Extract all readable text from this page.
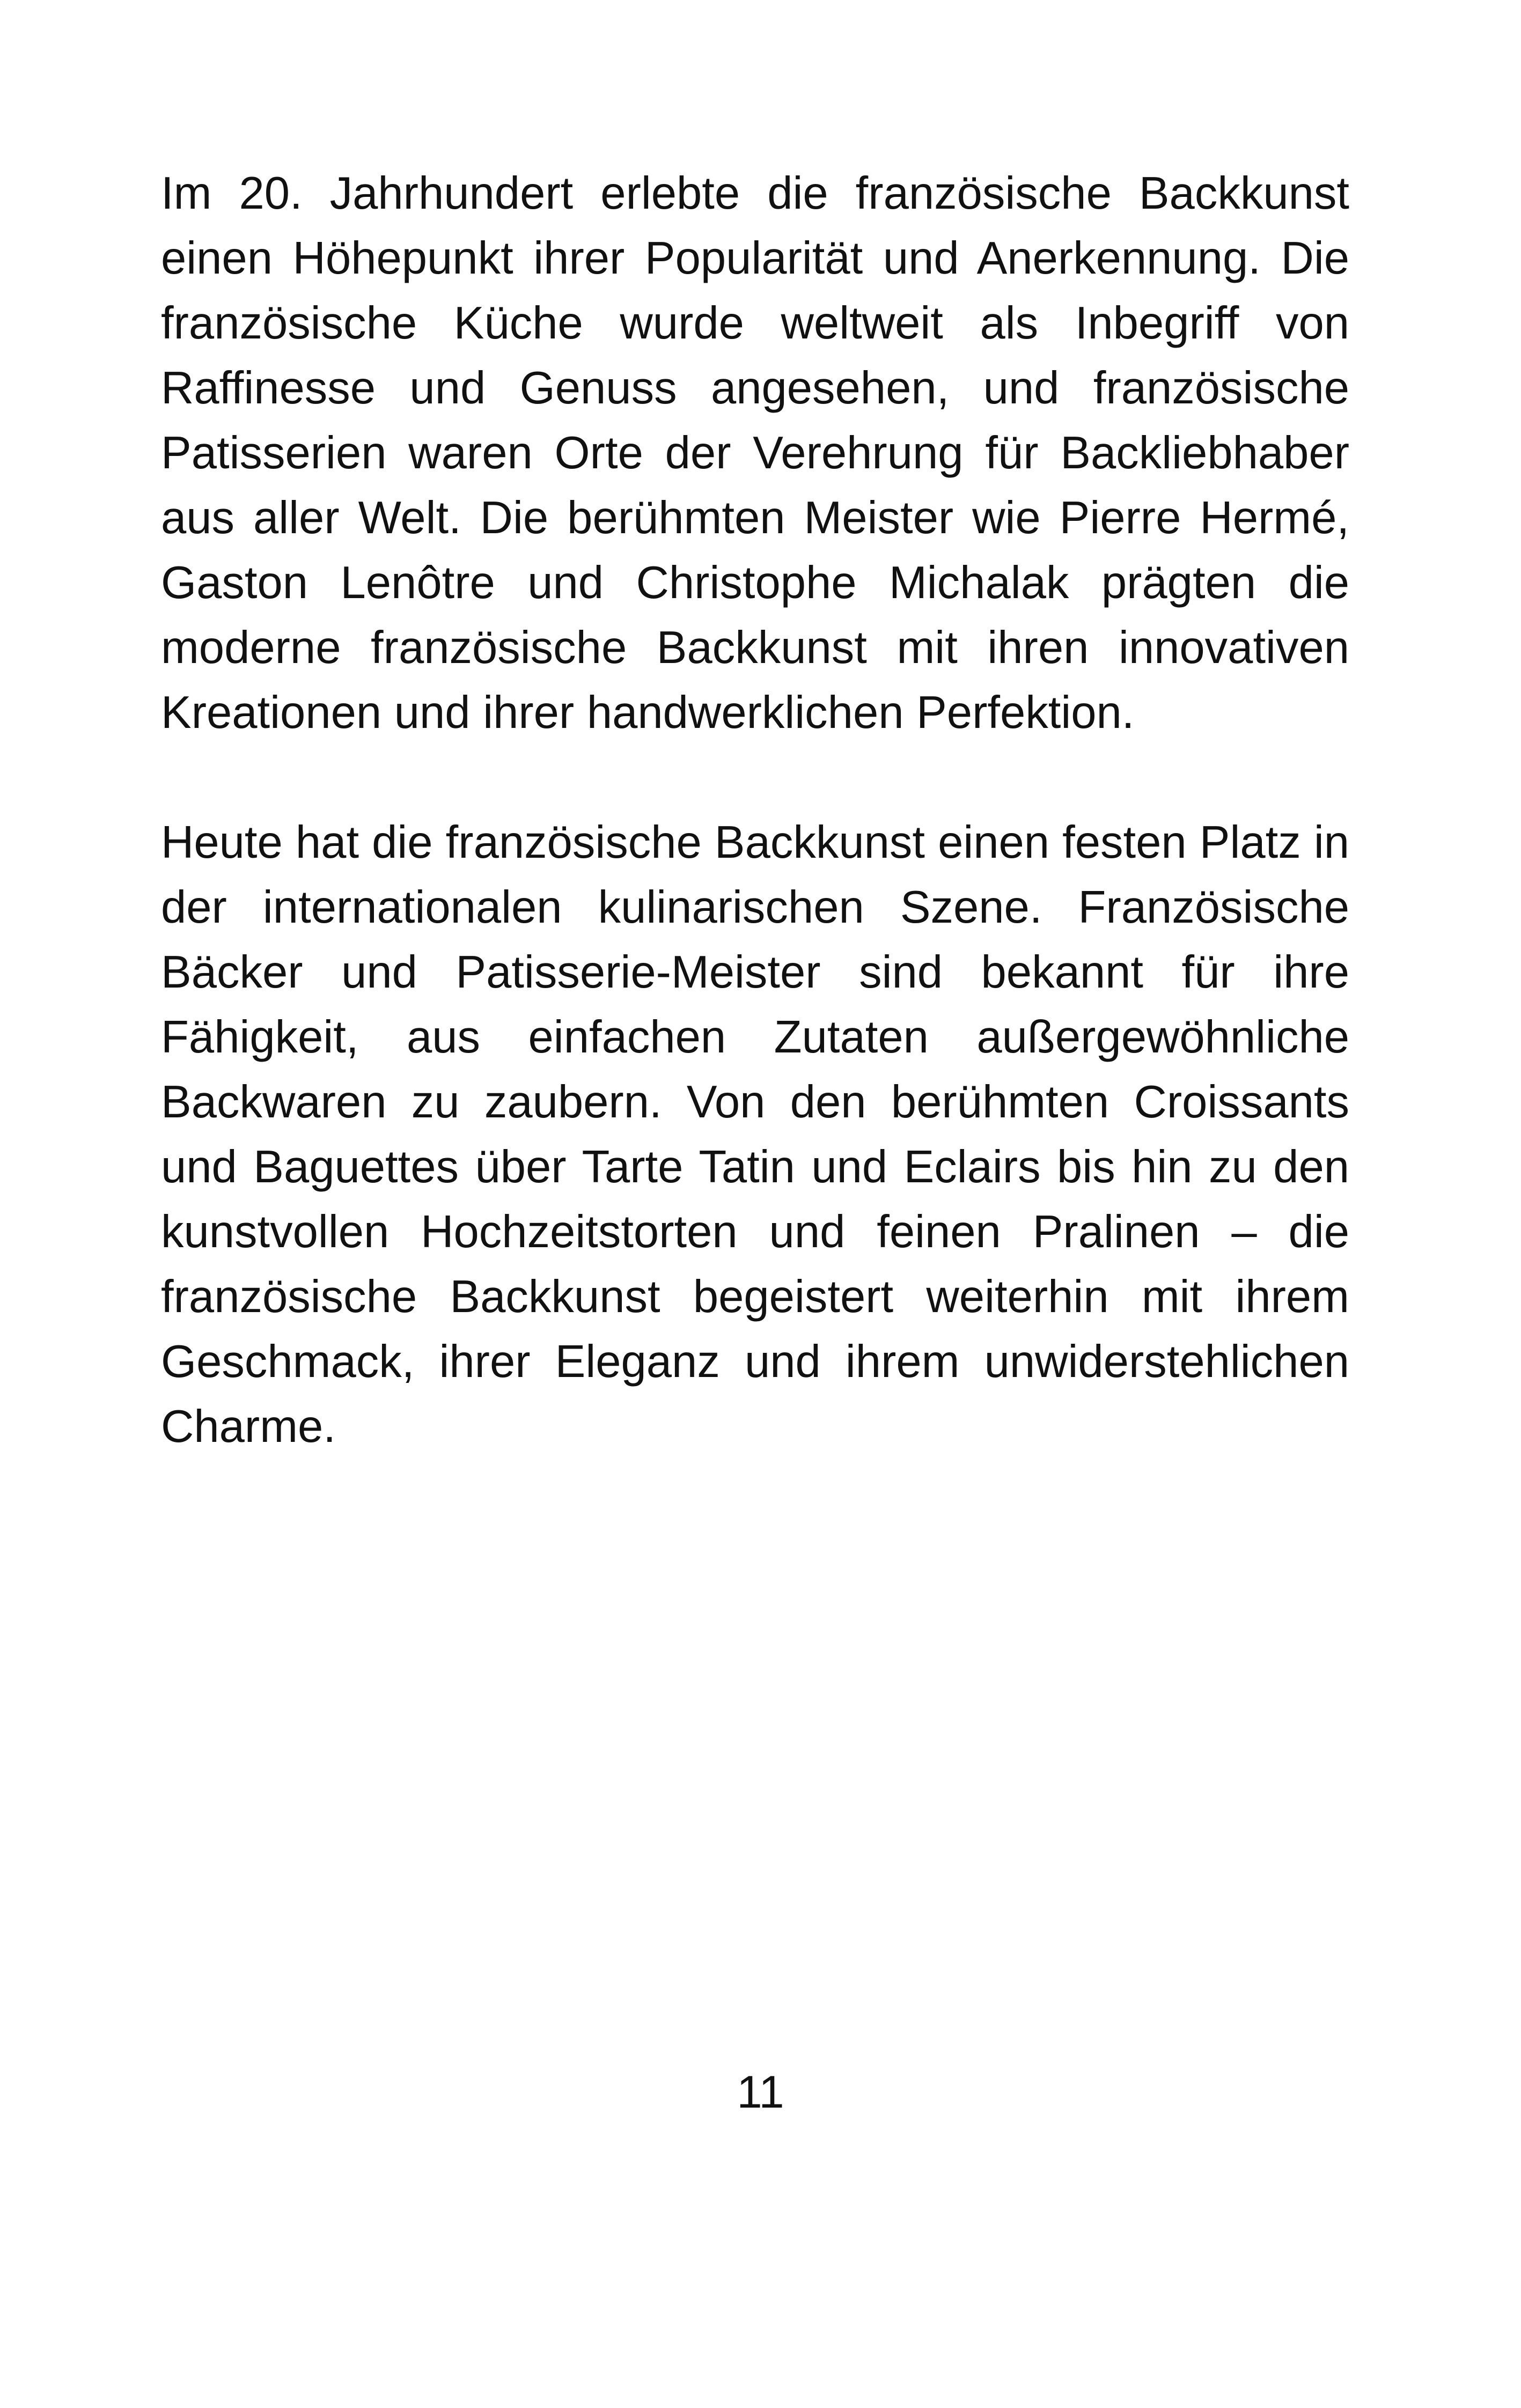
Im 20. Jahrhundert erlebte die französische Backkunst einen Höhepunkt ihrer Popularität und Anerkennung. Die französische Küche wurde weltweit als Inbegriff von Raffinesse und Genuss angesehen, und französische Patisserien waren Orte der Verehrung für Backliebhaber aus aller Welt. Die berühmten Meister wie Pierre Hermé, Gaston Lenôtre und Christophe Michalak prägten die moderne französische Backkunst mit ihren innovativen Kreationen und ihrer handwerklichen Perfektion.

Heute hat die französische Backkunst einen festen Platz in der internationalen kulinarischen Szene. Französische Bäcker und Patisserie-Meister sind bekannt für ihre Fähigkeit, aus einfachen Zutaten außergewöhnliche Backwaren zu zaubern. Von den berühmten Croissants und Baguettes über Tarte Tatin und Eclairs bis hin zu den kunstvollen Hochzeitstorten und feinen Pralinen – die französische Backkunst begeistert weiterhin mit ihrem Geschmack, ihrer Eleganz und ihrem unwiderstehlichen Charme.

11
